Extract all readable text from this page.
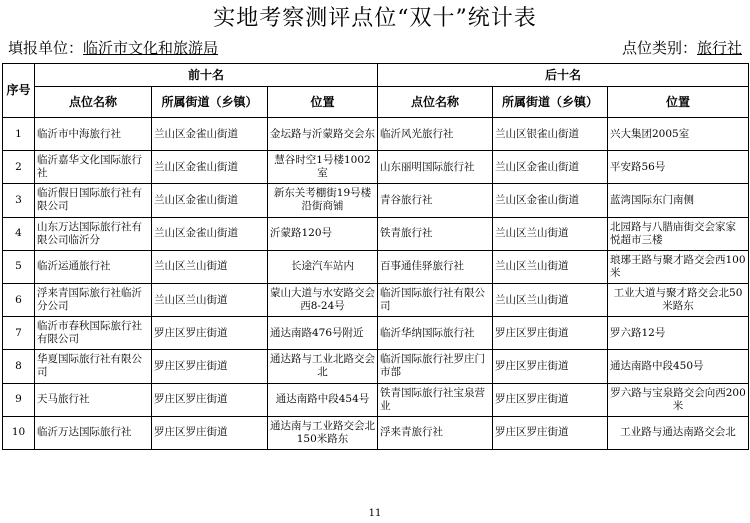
实地考察测评点位“双十”统计表
填报单位：临沂市文化和旅游局	点位类别：旅行社
序号	前十名			后十名		
	点位名称	所属街道（乡镇）	位置	点位名称	所属街道（乡镇）	位置
1	临沂市中海旅行社	兰山区金雀山街道	金坛路与沂蒙路交会东	临沂风光旅行社	兰山区银雀山街道	兴大集团2005室
2	临沂嘉华文化国际旅行社	兰山区金雀山街道	慧谷时空1号楼1002室	山东丽明国际旅行社	兰山区金雀山街道	平安路56号
3	临沂假日国际旅行社有限公司	兰山区金雀山街道	新东关考棚街19号楼沿街商铺	青谷旅行社	兰山区金雀山街道	蓝湾国际东门南侧
4	山东万达国际旅行社有限公司临沂分	兰山区金雀山街道	沂蒙路120号	铁青旅行社	兰山区兰山街道	北园路与八腊庙街交会家家悦超市三楼
5	临沂运通旅行社	兰山区兰山街道	长途汽车站内	百事通佳驿旅行社	兰山区兰山街道	琅琊王路与聚才路交会西100米
6	浮来青国际旅行社临沂分公司	兰山区兰山街道	蒙山大道与水安路交会西8-24号	临沂国际旅行社有限公司	兰山区兰山街道	工业大道与聚才路交会北50米路东
7	临沂市春秋国际旅行社有限公司	罗庄区罗庄街道	通达南路476号附近	临沂华纳国际旅行社	罗庄区罗庄街道	罗六路12号
8	华夏国际旅行社有限公司	罗庄区罗庄街道	通达路与工业北路交会北	临沂国际旅行社罗庄门市部	罗庄区罗庄街道	通达南路中段450号
9	天马旅行社	罗庄区罗庄街道	通达南路中段454号	铁青国际旅行社宝泉营业	罗庄区罗庄街道	罗六路与宝泉路交会向西200米
10	临沂万达国际旅行社	罗庄区罗庄街道	通达南与工业路交会北150米路东	浮来青旅行社	罗庄区罗庄街道	工业路与通达南路交会北
11
